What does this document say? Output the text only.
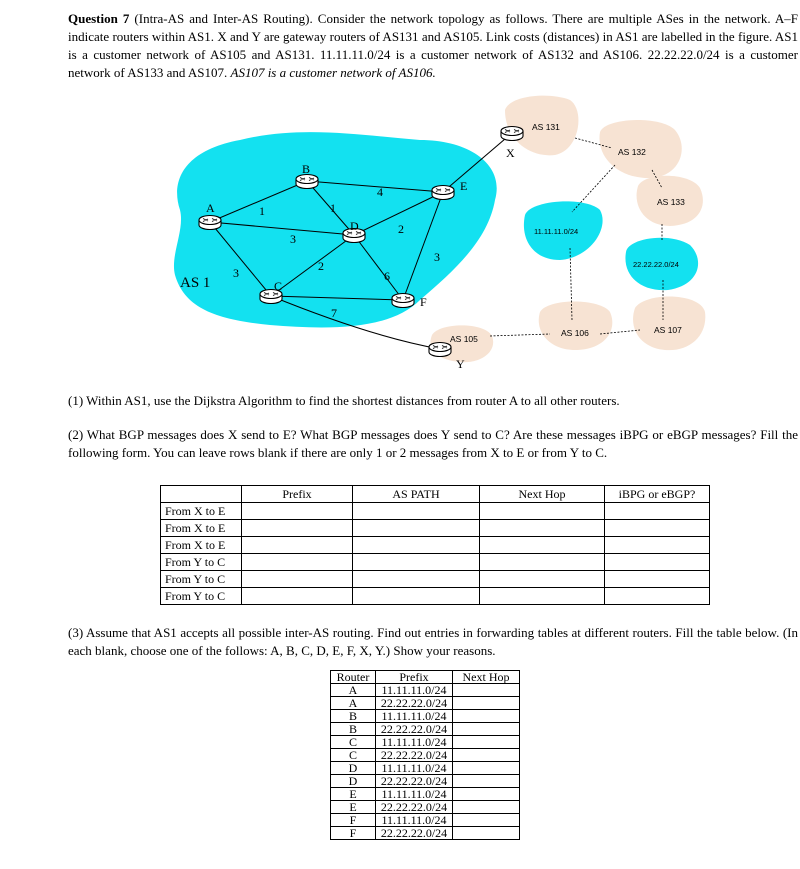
Question 7 (Intra-AS and Inter-AS Routing). Consider the network topology as follows. There are multiple ASes in the network. A–F indicate routers within AS1. X and Y are gateway routers of AS131 and AS105. Link costs (distances) in AS1 are labelled in the figure. AS1 is a customer network of AS105 and AS131. 11.11.11.0/24 is a customer network of AS132 and AS106. 22.22.22.0/24 is a customer network of AS133 and AS107. AS107 is a customer network of AS106.
A
B
D
E
C
F
X
Y
AS 1
1
3
3
4
1
2
2
6
7
3
AS 131
AS 132
AS 133
AS 105
AS 106	AS 107
11.11.11.0/24
22.22.22.0/24
(1) Within AS1, use the Dijkstra Algorithm to find the shortest distances from router A to all other routers.
(2) What BGP messages does X send to E? What BGP messages does Y send to C? Are these messages iBPG or eBGP messages? Fill the following form. You can leave rows blank if there are only 1 or 2 messages from X to E or from Y to C.
	Prefix	AS PATH	Next Hop	iBPG or eBGP?
From X to E				
From X to E				
From X to E				
From Y to C				
From Y to C				
From Y to C				
(3) Assume that AS1 accepts all possible inter-AS routing. Find out entries in forwarding tables at different routers. Fill the table below. (In each blank, choose one of the follows: A, B, C, D, E, F, X, Y.) Show your reasons.
Router	Prefix	Next Hop
A	11.11.11.0/24	
A	22.22.22.0/24	
B	11.11.11.0/24	
B	22.22.22.0/24	
C	11.11.11.0/24	
C	22.22.22.0/24	
D	11.11.11.0/24	
D	22.22.22.0/24	
E	11.11.11.0/24	
E	22.22.22.0/24	
F	11.11.11.0/24	
F	22.22.22.0/24	
